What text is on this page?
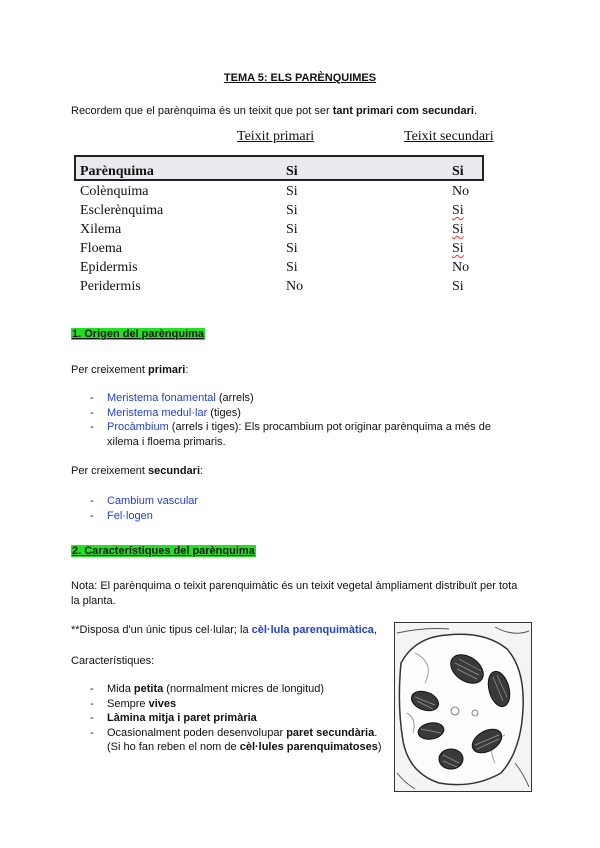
TEMA 5: ELS PARÈNQUIMES
Recordem que el parènquima és un teixit que pot ser tant primari com secundari.
Teixit primari	Teixit secundari
Parènquima	Si	Si
Colènquima	Si	No
Esclerènquima	Si	Si
Xilema	Si	Si
Floema	Si	Si
Epidermis	Si	No
Peridermis	No	Si
1. Origen del parènquima
Per creixement primari:
- Meristema fonamental (arrels)
- Meristema medul·lar (tiges)
- Procàmbium (arrels i tiges): Els procambium pot originar parènquima a més de xilema i floema primaris.
Per creixement secundari:
- Cambium vascular
- Fel·logen
2. Característiques del parènquima
Nota: El parènquima o teixit parenquimàtic és un teixit vegetal àmpliament distribuït per tota la planta.
**Disposa d'un únic tipus cel·lular; la cèl·lula parenquimàtica,
Característiques:
- Mida petita (normalment micres de longitud)
- Sempre vives
- Làmina mitja i paret primària
- Ocasionalment poden desenvolupar paret secundària.
(Si ho fan reben el nom de cèl·lules parenquimatoses)
